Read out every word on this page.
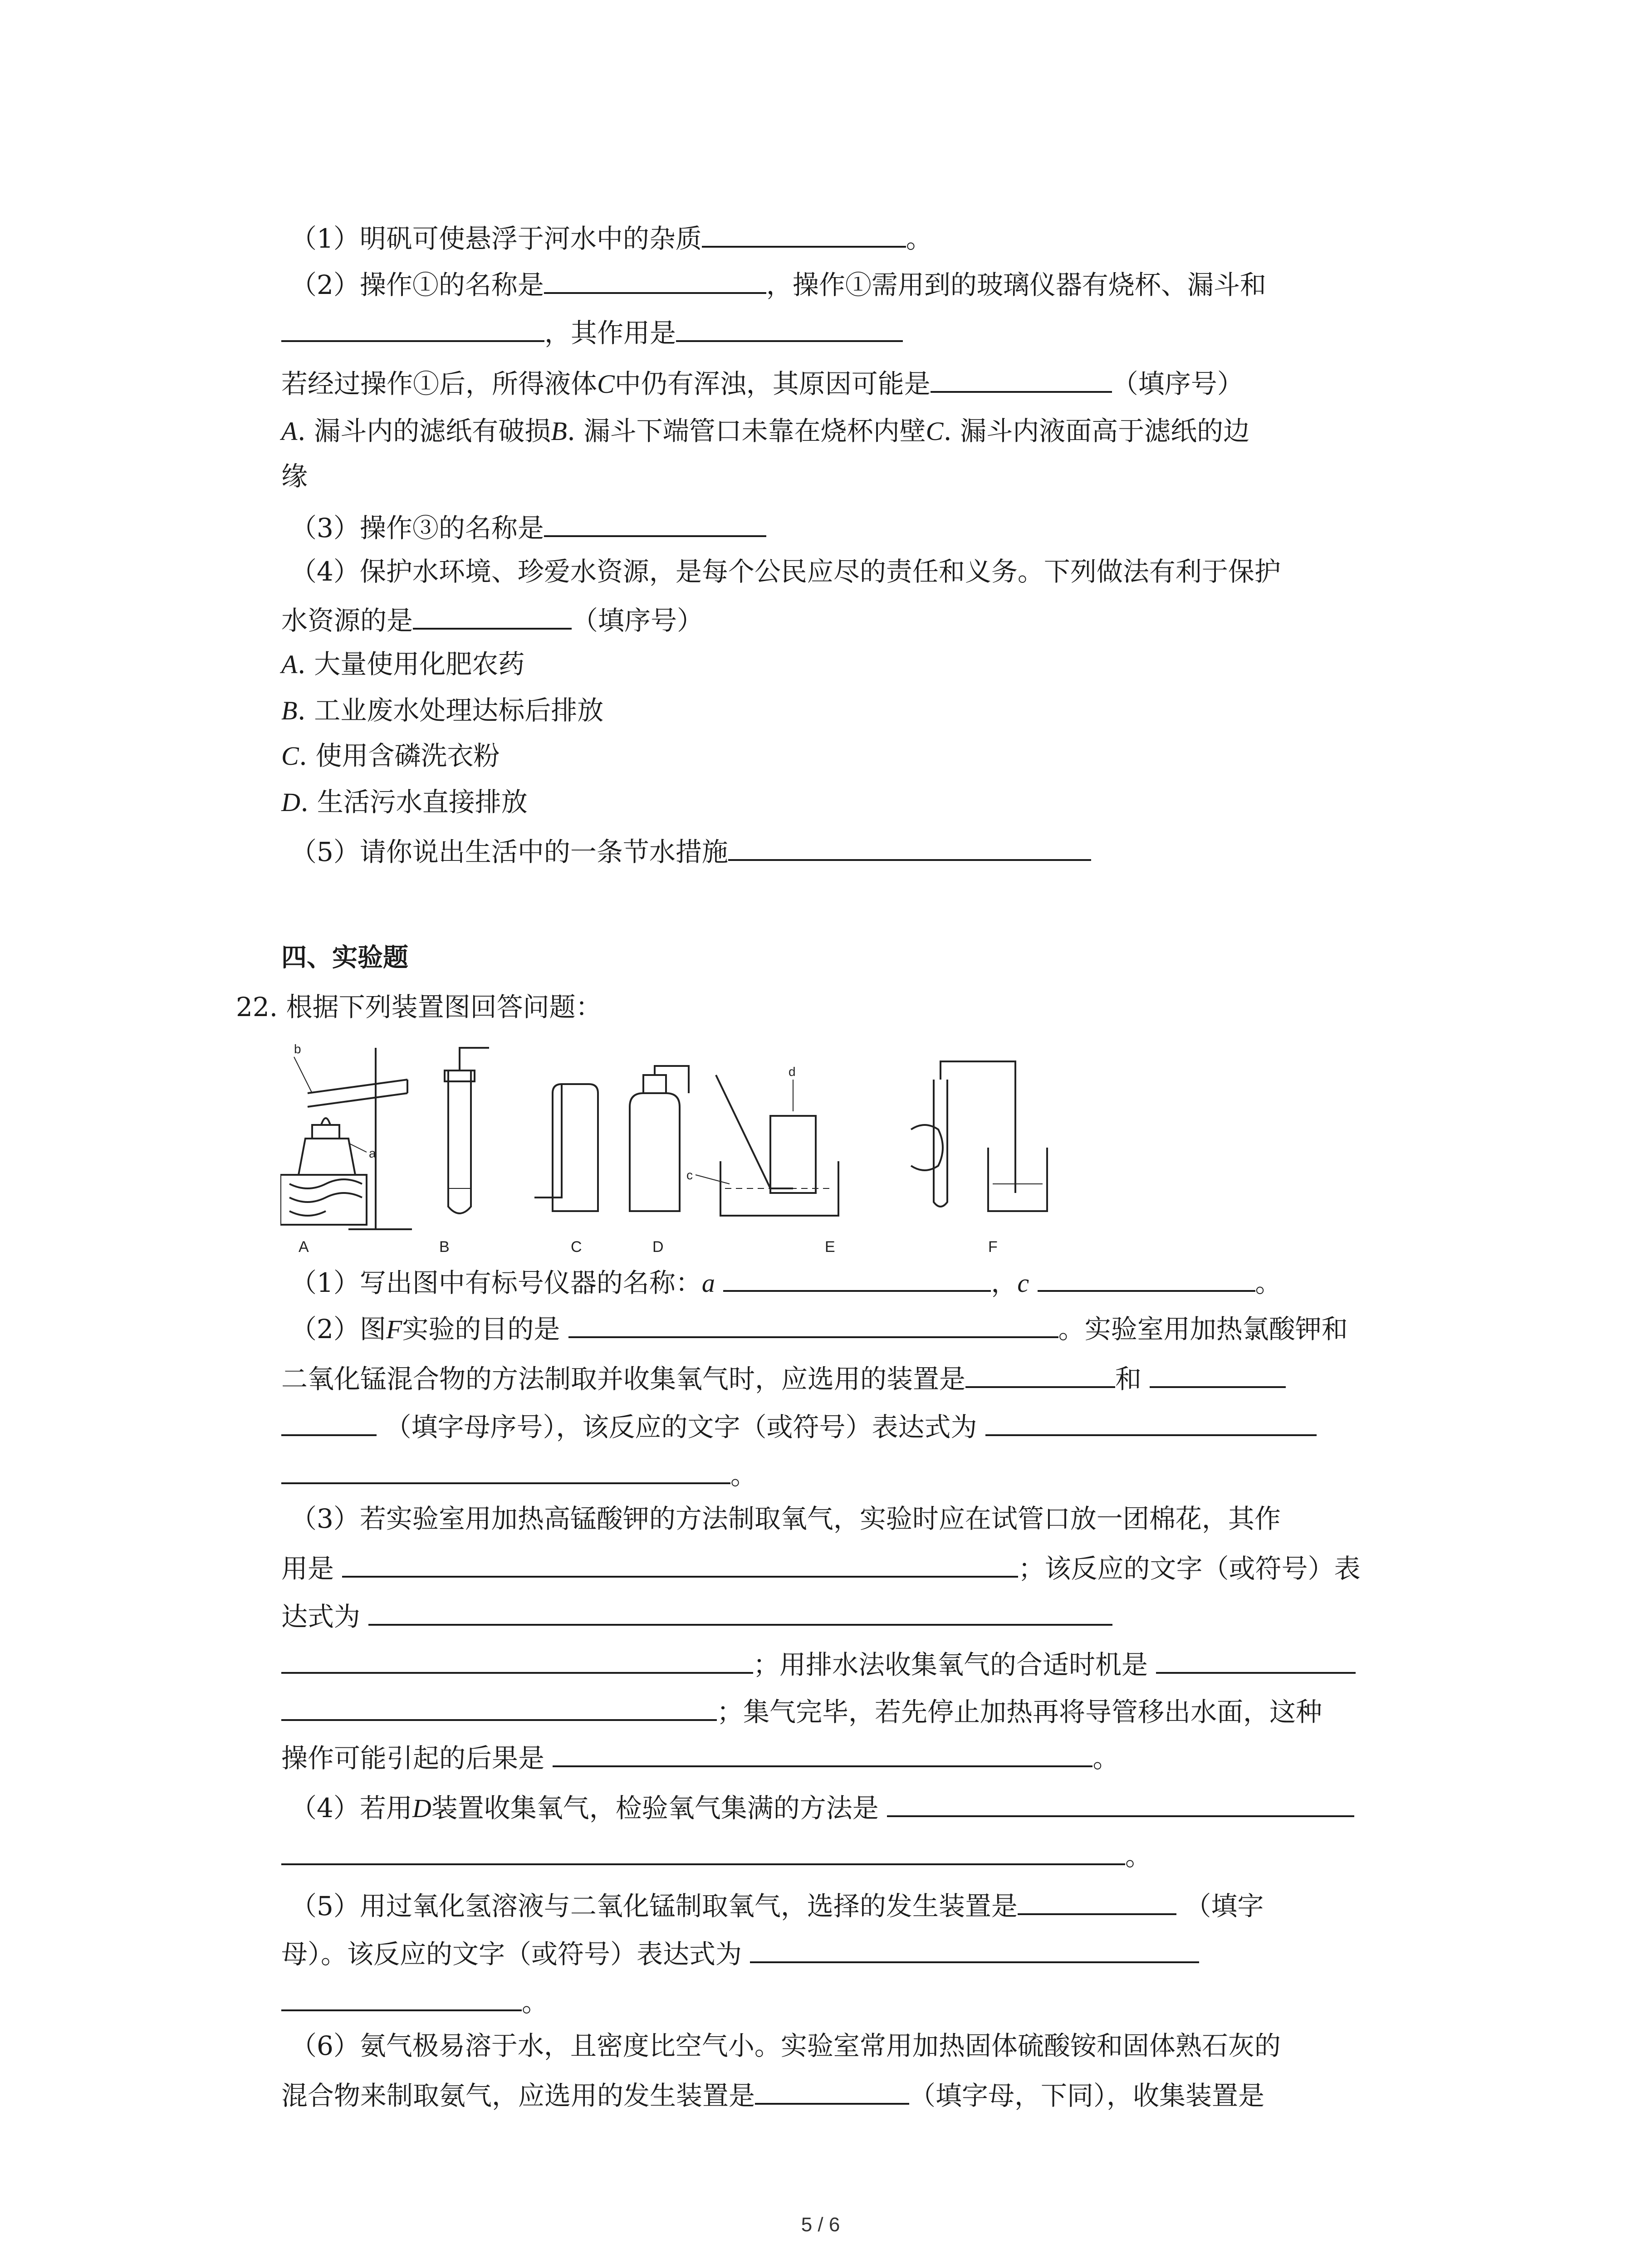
（1）明矾可使悬浮于河水中的杂质	。
（2）操作①的名称是	，操作①需用到的玻璃仪器有烧杯、漏斗和
，其作用是
若经过操作①后，所得液体C中仍有浑浊，其原因可能是	（填序号）
A. 漏斗内的滤纸有破损B. 漏斗下端管口未靠在烧杯内壁C. 漏斗内液面高于滤纸的边
缘
（3）操作③的名称是
（4）保护水环境、珍爱水资源，是每个公民应尽的责任和义务。下列做法有利于保护
水资源的是	（填序号）
A. 大量使用化肥农药
B. 工业废水处理达标后排放
C. 使用含磷洗衣粉
D. 生活污水直接排放
（5）请你说出生活中的一条节水措施
四、实验题
22. 根据下列装置图回答问题：
b
a
c
d
A	B	C	D	E	F
（1）写出图中有标号仪器的名称：a	，c	。
（2）图F实验的目的是	。实验室用加热氯酸钾和
二氧化锰混合物的方法制取并收集氧气时，应选用的装置是	和
（填字母序号），该反应的文字（或符号）表达式为
。
（3）若实验室用加热高锰酸钾的方法制取氧气，实验时应在试管口放一团棉花，其作
用是	；该反应的文字（或符号）表
达式为
；用排水法收集氧气的合适时机是
；集气完毕，若先停止加热再将导管移出水面，这种
操作可能引起的后果是	。
（4）若用D装置收集氧气，检验氧气集满的方法是
。
（5）用过氧化氢溶液与二氧化锰制取氧气，选择的发生装置是	（填字
母）。该反应的文字（或符号）表达式为
。
（6）氨气极易溶于水，且密度比空气小。实验室常用加热固体硫酸铵和固体熟石灰的
混合物来制取氨气，应选用的发生装置是	（填字母，下同），收集装置是
5 / 6
